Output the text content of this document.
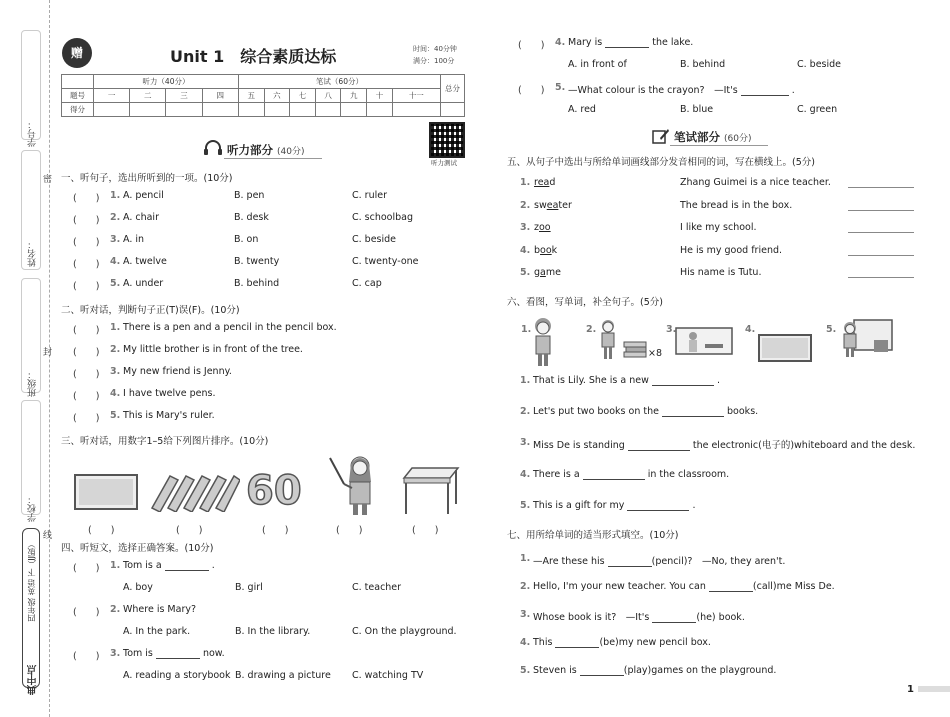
学号：
密
姓名：
封
班级：
学校：
线
四年级 英语 下（JJ版）
典中点
赠	Unit 1　综合素质达标	时间：40分钟
满分：100分
	听力（40分）				笔试（60分）							总分
题号	一	二	三	四	五	六	七	八	九	十	十一	
得分												
听力测试
听力部分 (40分)
一、听句子，选出所听到的一项。(10分)
(　　) 1. A. pencil	B. pen	C. ruler
(　　) 2. A. chair	B. desk	C. schoolbag
(　　) 3. A. in	B. on	C. beside
(　　) 4. A. twelve	B. twenty	C. twenty-one
(　　) 5. A. under	B. behind	C. cap
二、听对话，判断句子正(T)误(F)。(10分)
(　　) 1. There is a pen and a pencil in the pencil box.
(　　) 2. My little brother is in front of the tree.
(　　) 3. My new friend is Jenny.
(　　) 4. I have twelve pens.
(　　) 5. This is Mary's ruler.
三、听对话，用数字1–5给下列图片排序。(10分)
60
(　　)	(　　)	(　　)	(　　)	(　　)
四、听短文，选择正确答案。(10分)
(　　) 1. Tom is a	.
A. boy	B. girl	C. teacher
(　　) 2. Where is Mary?
A. In the park.	B. In the library.	C. On the playground.
(　　) 3. Tom is	now.
A. reading a storybook B. drawing a picture C. watching TV
(　　) 4. Mary is	the lake.
A. in front of	B. behind	C. beside
(　　) 5. —What colour is the crayon?　—It's	.
A. red	B. blue	C. green
笔试部分 (60分)
五、从句子中选出与所给单词画线部分发音相同的词，写在横线上。(5分)
1. read	Zhang Guimei is a nice teacher.
2. sweater	The bread is in the box.
3. zoo	I like my school.
4. book	He is my good friend.
5. game	His name is Tutu.
六、看图，写单词，补全句子。(5分)
1.	2.
×8
3.	4.	5.
1. That is Lily. She is a new	.
2. Let's put two books on the	books.
3. Miss De is standing	the electronic(电子的)whiteboard and the desk.
4. There is a	in the classroom.
5. This is a gift for my	.
七、用所给单词的适当形式填空。(10分)
1. —Are these his	(pencil)?　—No, they aren't.
2. Hello, I'm your new teacher. You can	(call)me Miss De.
3. Whose book is it?　—It's	(he) book.
4. This	(be)my new pencil box.
5. Steven is	(play)games on the playground.
1
